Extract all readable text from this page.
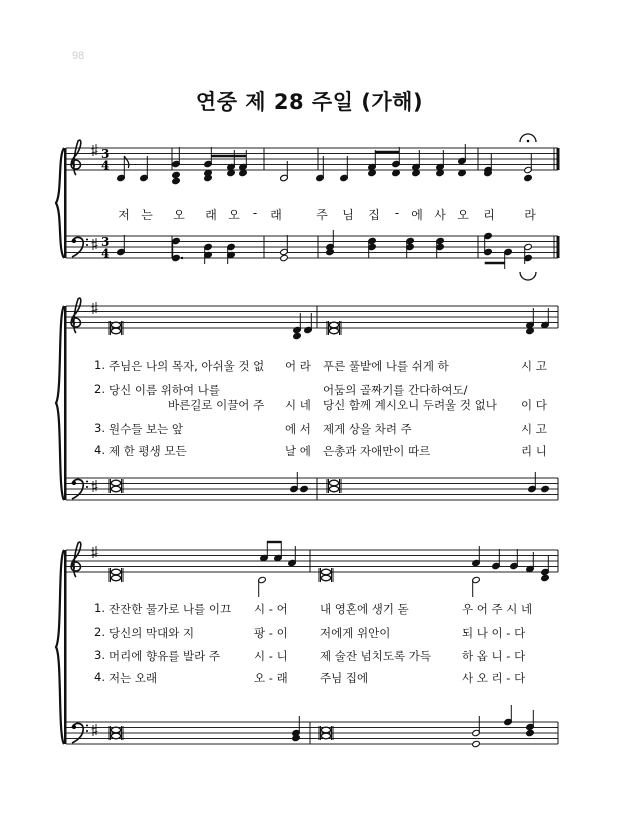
98
연중 제 28 주일 (가해)
3
4
3
4
저 는	오	래 오	-	래	주	님	집	-	에 사 오	리	라
1. 주님은 나의 목자, 아쉬울 것 없 어 라 푸른 풀밭에 나를 쉬게 하	시 고
2. 당신 이름 위하여 나를
바른길로 이끌어 주 시 네
어둠의 골짜기를 간다하여도/
당신 함께 계시오니 두려울 것 없나 이 다
3. 원수들 보는 앞	에 서 제게 상을 차려 주	시 고
4. 제 한 평생 모든	날 에 은총과 자애만이 따르	리 니
1. 잔잔한 물가로 나를 이끄 시 - 어	내 영혼에 생기 돋	우 어 주 시 네
2. 당신의 막대와 지	팡 - 이	저에게 위안이	되 나 이 - 다
3. 머리에 향유를 발라 주	시 - 니	제 술잔 넘치도록 가득	하 옵 니 - 다
4. 저는 오래	오 - 래	주님 집에	사 오 리 - 다
